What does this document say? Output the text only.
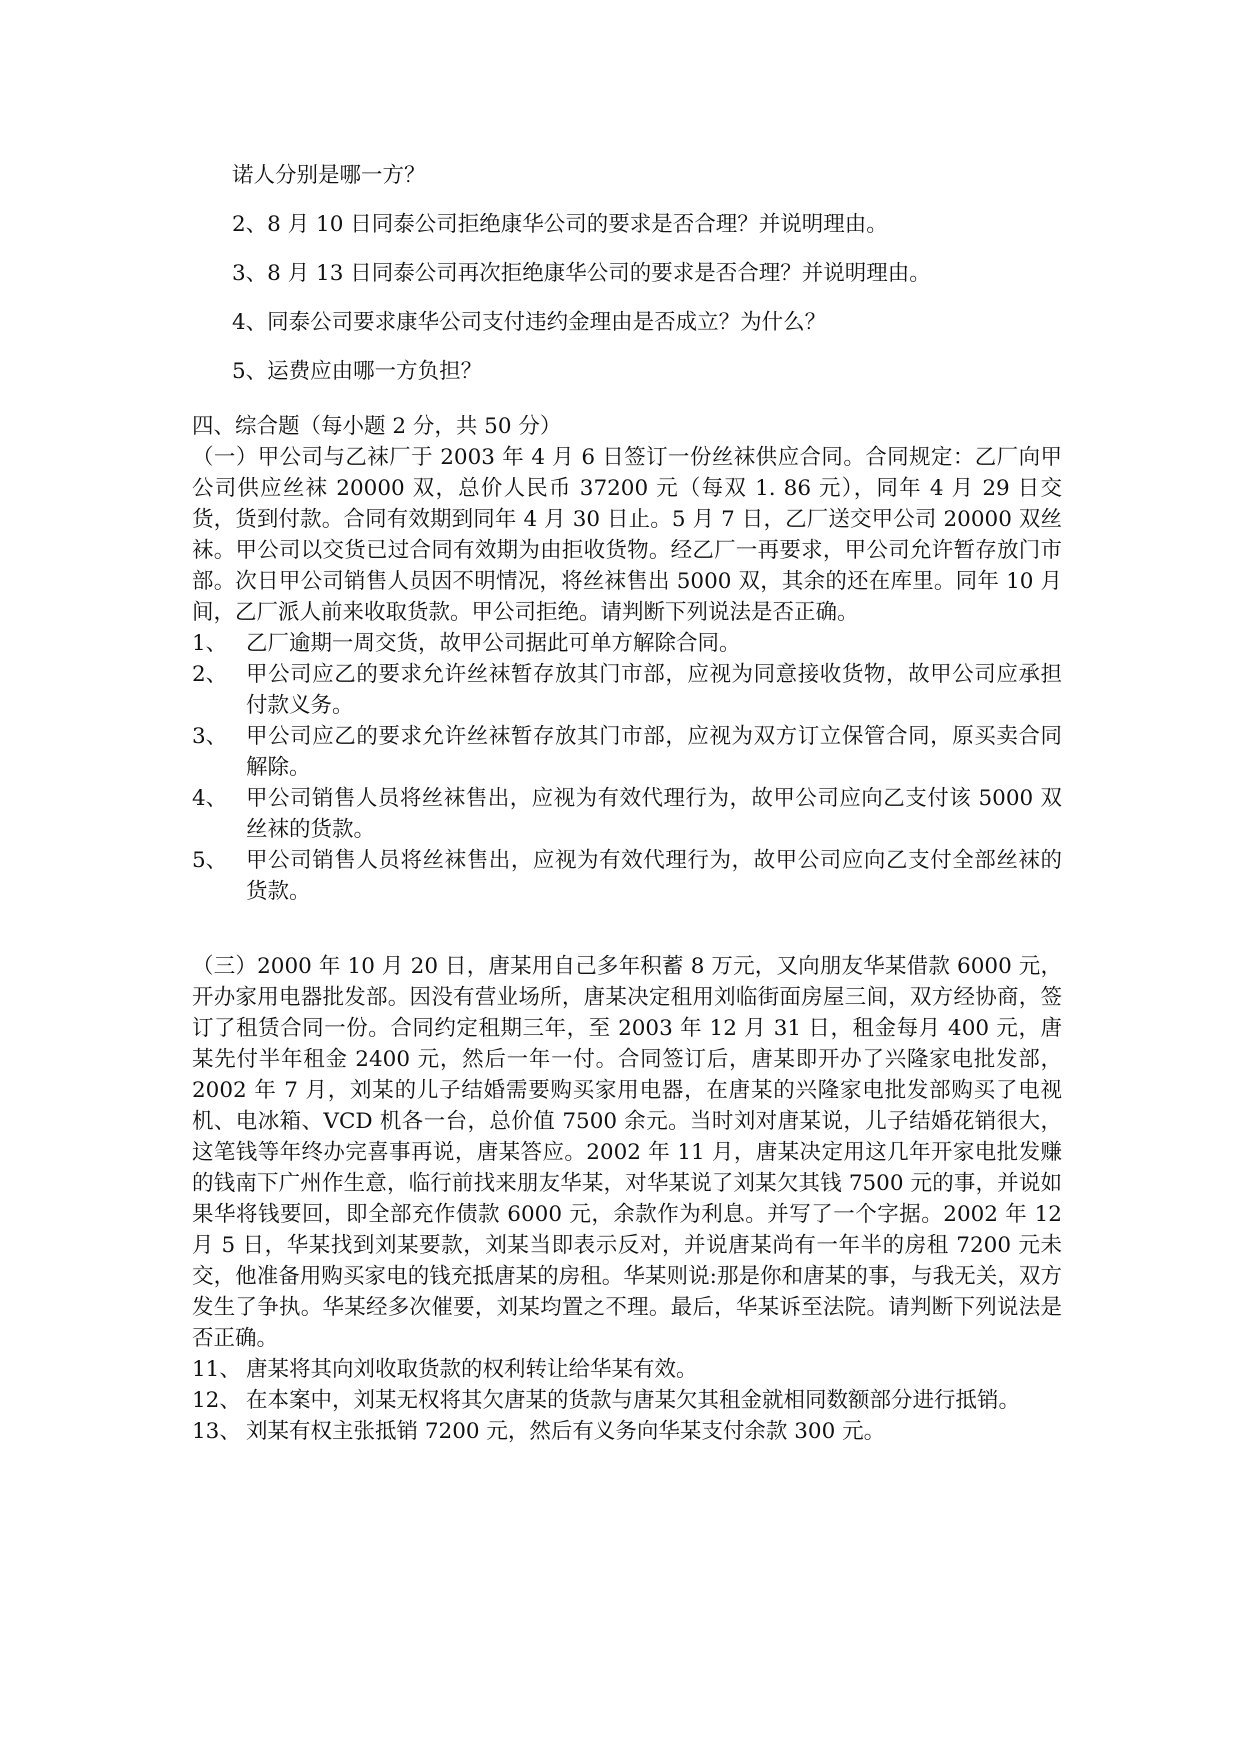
诺人分别是哪一方？

2、8 月 10 日同泰公司拒绝康华公司的要求是否合理？并说明理由。

3、8 月 13 日同泰公司再次拒绝康华公司的要求是否合理？并说明理由。

4、同泰公司要求康华公司支付违约金理由是否成立？为什么？

5、运费应由哪一方负担？

四、综合题（每小题 2 分，共 50 分）

（一）甲公司与乙袜厂于 2003 年 4 月 6 日签订一份丝袜供应合同。合同规定：乙厂向甲公司供应丝袜 20000 双，总价人民币 37200 元（每双 1. 86 元），同年 4 月 29 日交货，货到付款。合同有效期到同年 4 月 30 日止。5 月 7 日，乙厂送交甲公司 20000 双丝袜。甲公司以交货已过合同有效期为由拒收货物。经乙厂一再要求，甲公司允许暂存放门市部。次日甲公司销售人员因不明情况，将丝袜售出 5000 双，其余的还在库里。同年 10 月间，乙厂派人前来收取货款。甲公司拒绝。请判断下列说法是否正确。

1、 乙厂逾期一周交货，故甲公司据此可单方解除合同。
2、 甲公司应乙的要求允许丝袜暂存放其门市部，应视为同意接收货物，故甲公司应承担付款义务。
3、 甲公司应乙的要求允许丝袜暂存放其门市部，应视为双方订立保管合同，原买卖合同解除。
4、 甲公司销售人员将丝袜售出，应视为有效代理行为，故甲公司应向乙支付该 5000 双丝袜的货款。
5、 甲公司销售人员将丝袜售出，应视为有效代理行为，故甲公司应向乙支付全部丝袜的货款。

（三）2000 年 10 月 20 日，唐某用自己多年积蓄 8 万元，又向朋友华某借款 6000 元，开办家用电器批发部。因没有营业场所，唐某决定租用刘临街面房屋三间，双方经协商，签订了租赁合同一份。合同约定租期三年，至 2003 年 12 月 31 日，租金每月 400 元，唐某先付半年租金 2400 元，然后一年一付。合同签订后，唐某即开办了兴隆家电批发部，2002 年 7 月，刘某的儿子结婚需要购买家用电器，在唐某的兴隆家电批发部购买了电视机、电冰箱、VCD 机各一台，总价值 7500 余元。当时刘对唐某说，儿子结婚花销很大，这笔钱等年终办完喜事再说，唐某答应。2002 年 11 月，唐某决定用这几年开家电批发赚的钱南下广州作生意，临行前找来朋友华某，对华某说了刘某欠其钱 7500 元的事，并说如果华将钱要回，即全部充作债款 6000 元，余款作为利息。并写了一个字据。2002 年 12 月 5 日，华某找到刘某要款，刘某当即表示反对，并说唐某尚有一年半的房租 7200 元未交，他准备用购买家电的钱充抵唐某的房租。华某则说:那是你和唐某的事，与我无关，双方发生了争执。华某经多次催要，刘某均置之不理。最后，华某诉至法院。请判断下列说法是否正确。

11、 唐某将其向刘收取货款的权利转让给华某有效。
12、 在本案中，刘某无权将其欠唐某的货款与唐某欠其租金就相同数额部分进行抵销。
13、 刘某有权主张抵销 7200 元，然后有义务向华某支付余款 300 元。
